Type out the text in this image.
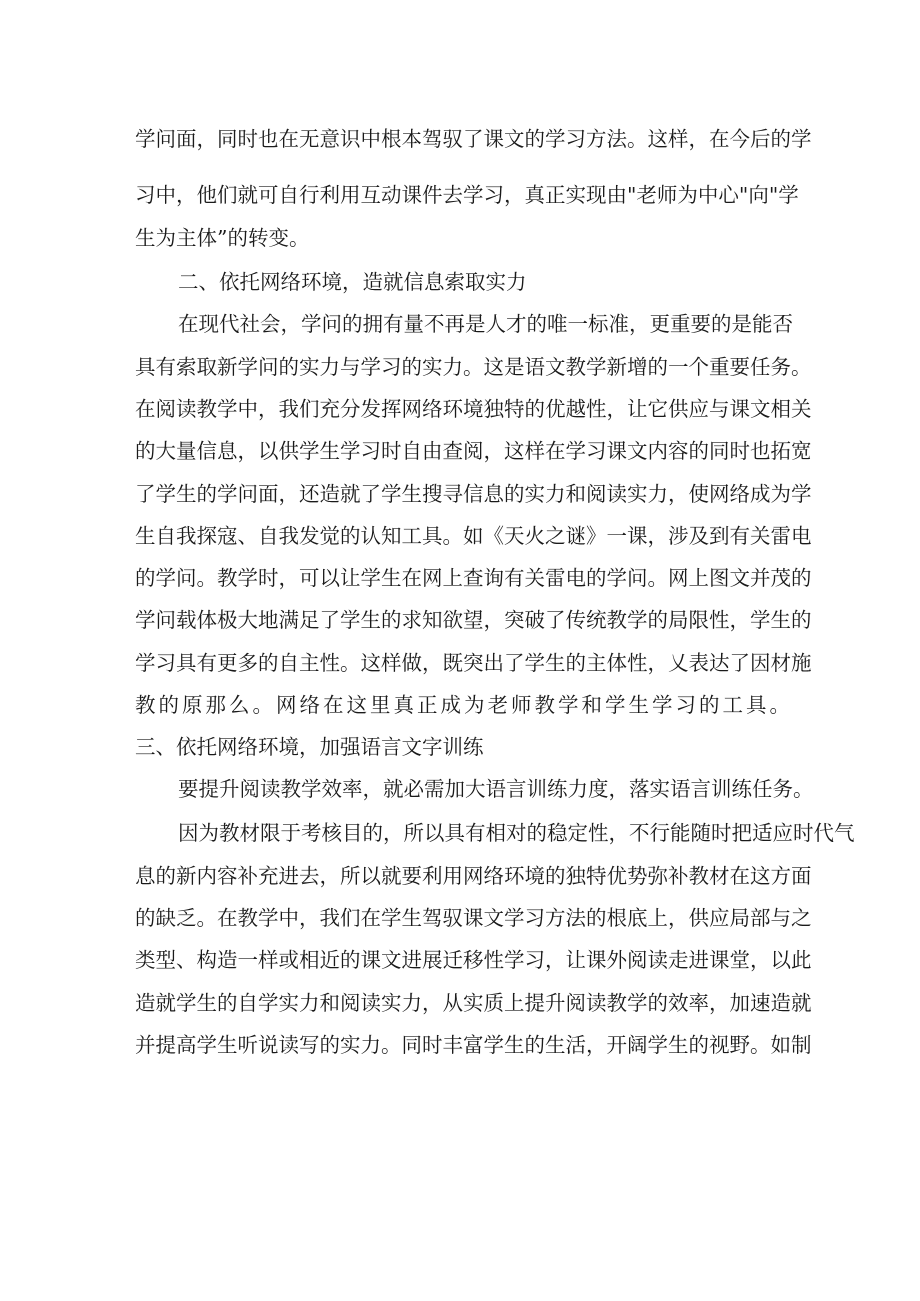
学问面，同时也在无意识中根本驾驭了课文的学习方法。这样，在今后的学
习中，他们就可自行利用互动课件去学习，真正实现由"老师为中心"向"学
生为主体”的转变。
二、依托网络环境，造就信息索取实力
在现代社会，学问的拥有量不再是人才的唯一标准，更重要的是能否
具有索取新学问的实力与学习的实力。这是语文教学新增的一个重要任务。
在阅读教学中，我们充分发挥网络环境独特的优越性，让它供应与课文相关
的大量信息，以供学生学习时自由查阅，这样在学习课文内容的同时也拓宽
了学生的学问面，还造就了学生搜寻信息的实力和阅读实力，使网络成为学
生自我探寇、自我发觉的认知工具。如《天火之谜》一课，涉及到有关雷电
的学问。教学时，可以让学生在网上查询有关雷电的学问。网上图文并茂的
学问载体极大地满足了学生的求知欲望，突破了传统教学的局限性，学生的
学习具有更多的自主性。这样做，既突出了学生的主体性，乂表达了因材施
教的原那么。网络在这里真正成为老师教学和学生学习的工具。
三、依托网络环境，加强语言文字训练
要提升阅读教学效率，就必需加大语言训练力度，落实语言训练任务。
因为教材限于考核目的，所以具有相对的稳定性，不行能随时把适应时代气
息的新内容补充进去，所以就要利用网络环境的独特优势弥补教材在这方面
的缺乏。在教学中，我们在学生驾驭课文学习方法的根底上，供应局部与之
类型、构造一样或相近的课文进展迁移性学习，让课外阅读走进课堂，以此
造就学生的自学实力和阅读实力，从实质上提升阅读教学的效率，加速造就
并提高学生听说读写的实力。同时丰富学生的生活，开阔学生的视野。如制
